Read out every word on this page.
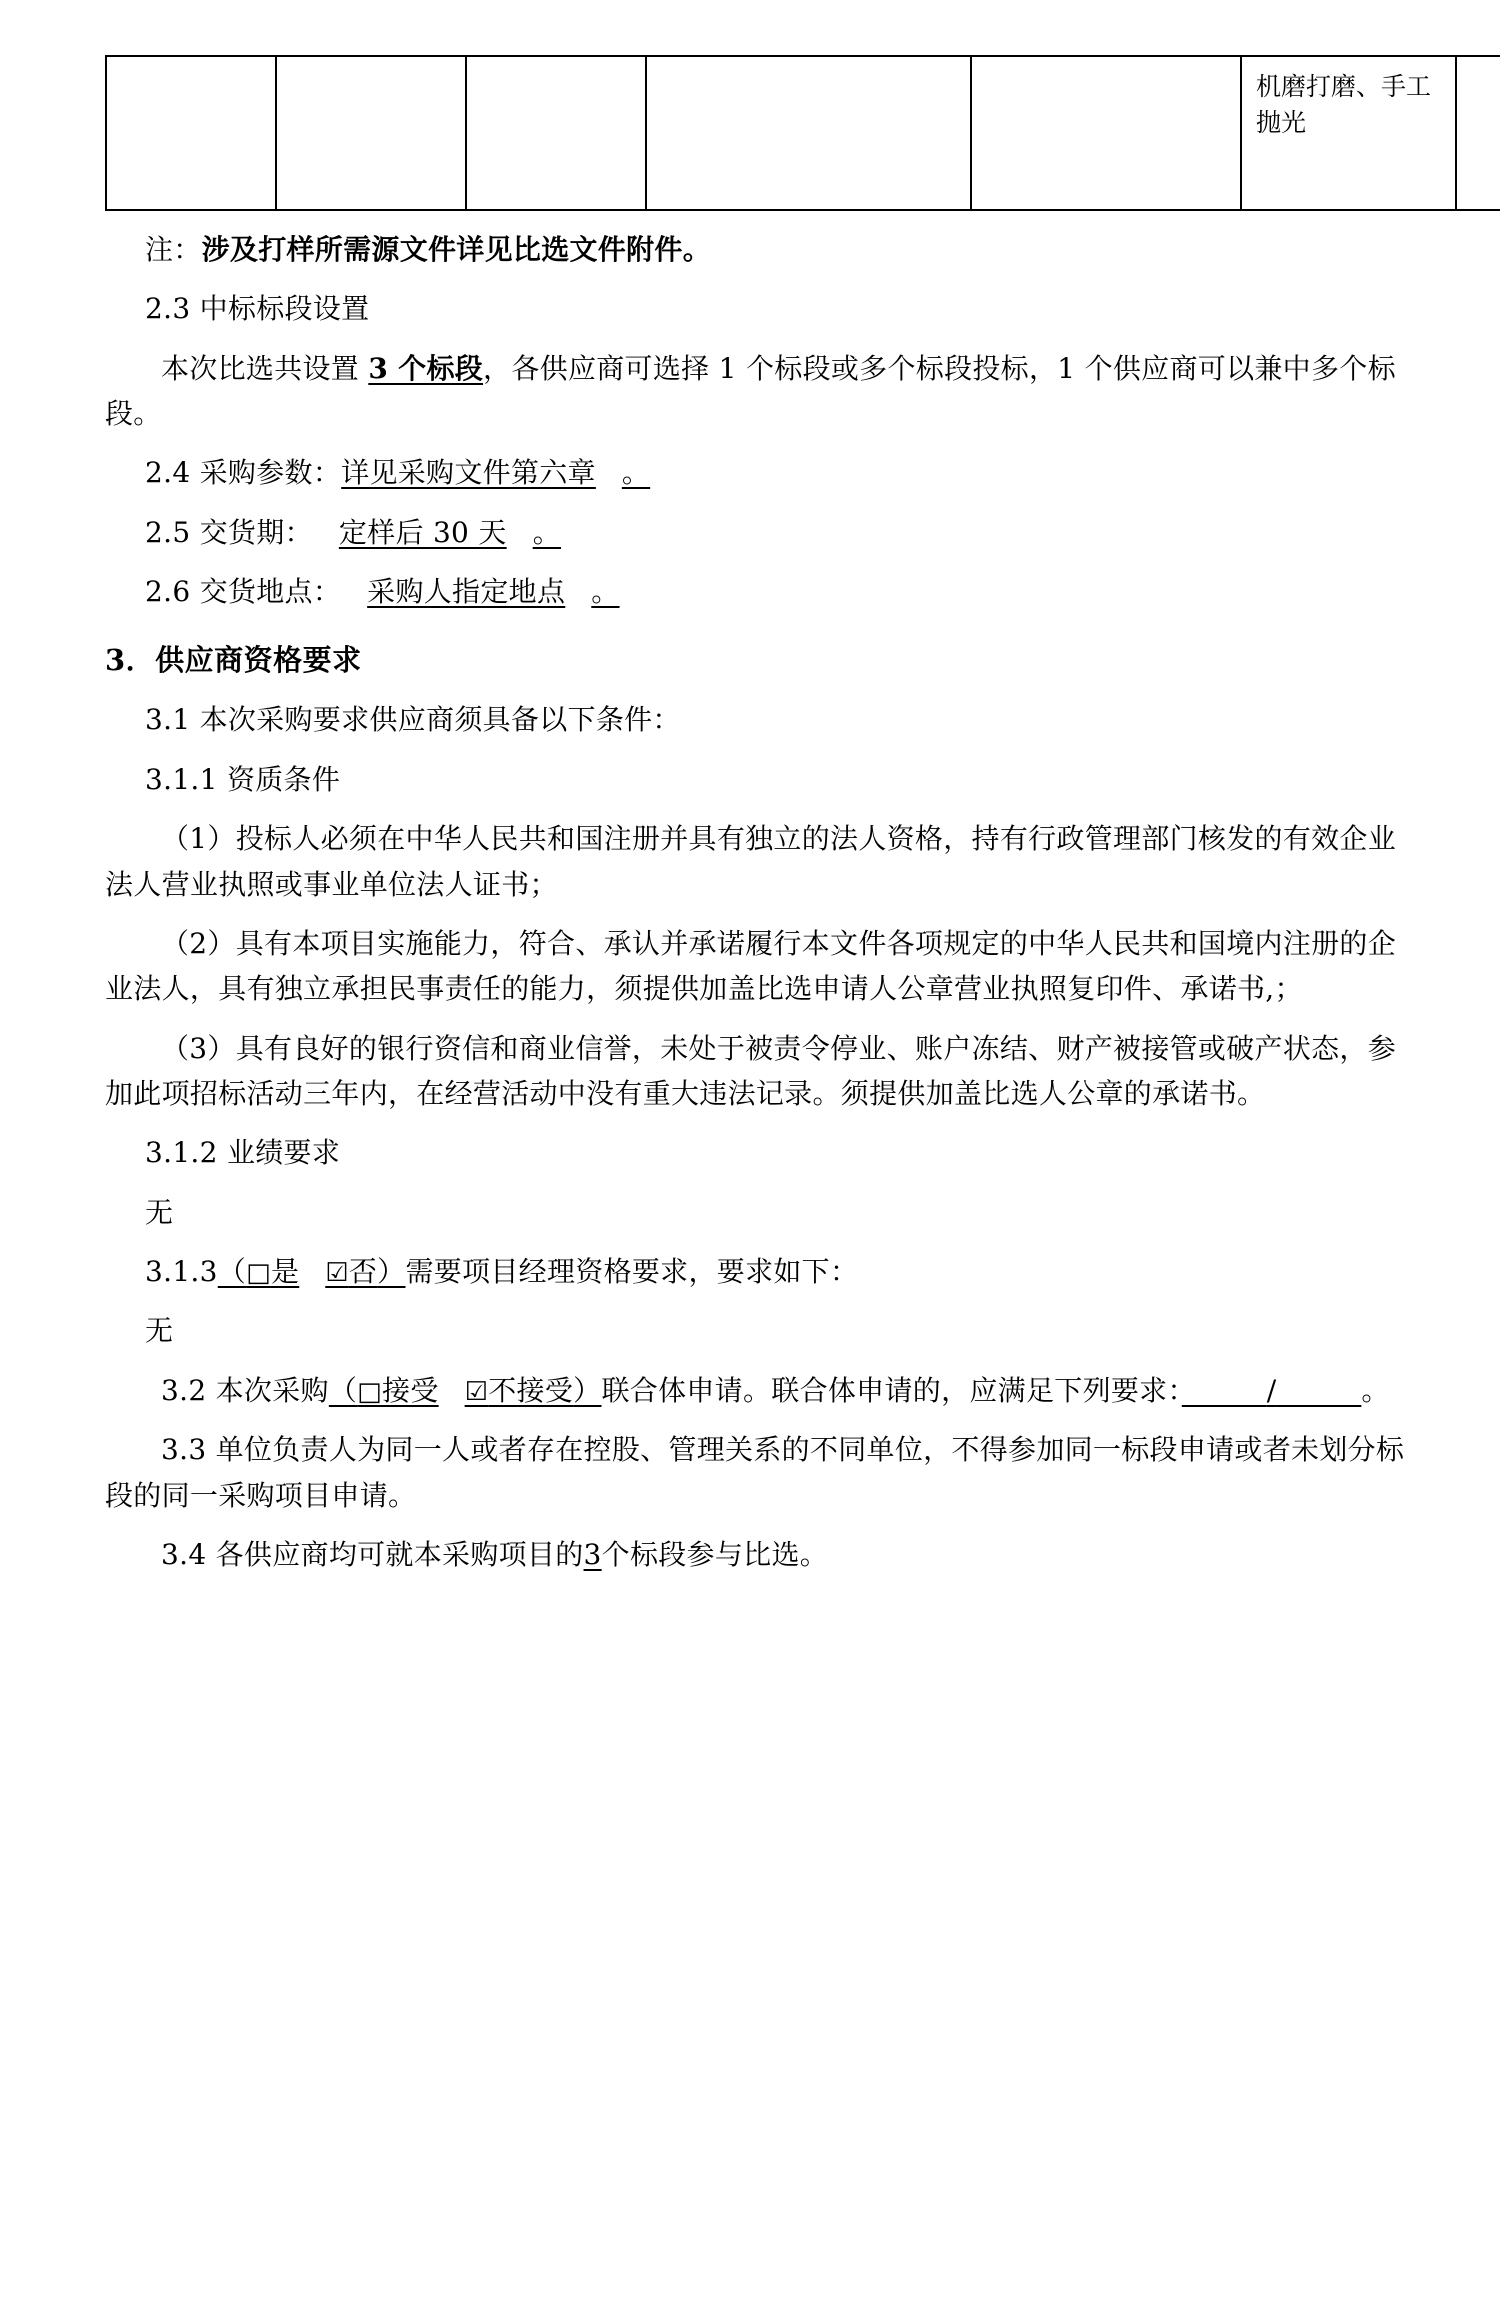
					机磨打磨、手工抛光	

注：涉及打样所需源文件详见比选文件附件。

2.3 中标标段设置

本次比选共设置 3 个标段，各供应商可选择 1 个标段或多个标段投标，1 个供应商可以兼中多个标段。

2.4 采购参数：详见采购文件第六章 。

2.5 交货期： 定样后 30 天 。

2.6 交货地点： 采购人指定地点 。

3．供应商资格要求

3.1 本次采购要求供应商须具备以下条件：

3.1.1 资质条件

（1）投标人必须在中华人民共和国注册并具有独立的法人资格，持有行政管理部门核发的有效企业法人营业执照或事业单位法人证书；

（2）具有本项目实施能力，符合、承认并承诺履行本文件各项规定的中华人民共和国境内注册的企业法人，具有独立承担民事责任的能力，须提供加盖比选申请人公章营业执照复印件、承诺书,；

（3）具有良好的银行资信和商业信誉，未处于被责令停业、账户冻结、财产被接管或破产状态，参加此项招标活动三年内，在经营活动中没有重大违法记录。须提供加盖比选人公章的承诺书。

3.1.2 业绩要求

无

3.1.3（□是 ☑否）需要项目经理资格要求，要求如下：

无

3.2 本次采购（□接受 ☑不接受）联合体申请。联合体申请的，应满足下列要求：　　　	/　　　	。

3.3 单位负责人为同一人或者存在控股、管理关系的不同单位，不得参加同一标段申请或者未划分标段的同一采购项目申请。

3.4 各供应商均可就本采购项目的3个标段参与比选。
